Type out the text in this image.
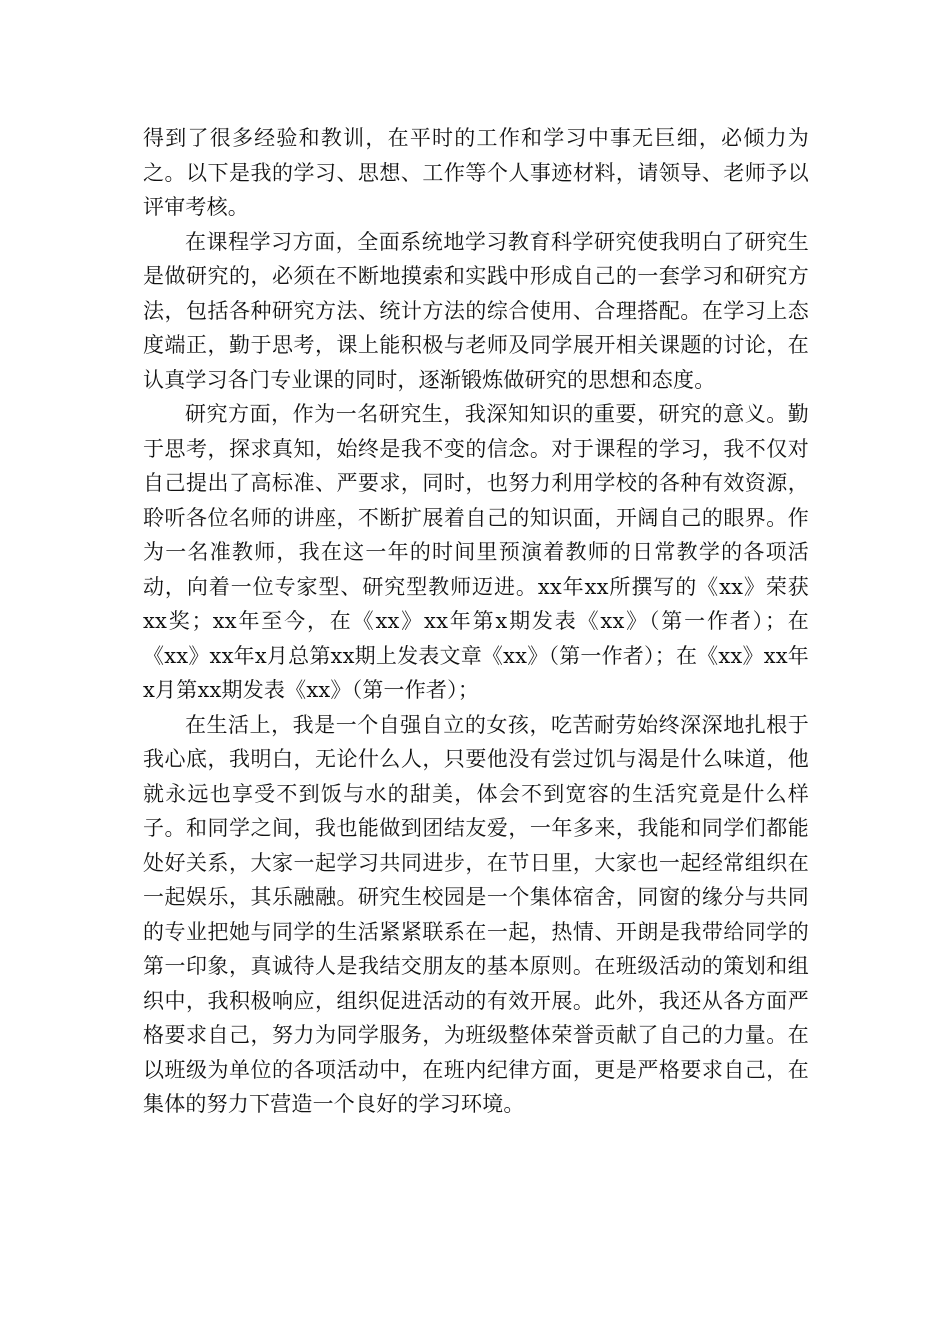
得到了很多经验和教训，在平时的工作和学习中事无巨细，必倾力为之。以下是我的学习、思想、工作等个人事迹材料，请领导、老师予以评审考核。

在课程学习方面，全面系统地学习教育科学研究使我明白了研究生是做研究的，必须在不断地摸索和实践中形成自己的一套学习和研究方法，包括各种研究方法、统计方法的综合使用、合理搭配。在学习上态度端正，勤于思考，课上能积极与老师及同学展开相关课题的讨论，在认真学习各门专业课的同时，逐渐锻炼做研究的思想和态度。

研究方面，作为一名研究生，我深知知识的重要，研究的意义。勤于思考，探求真知，始终是我不变的信念。对于课程的学习，我不仅对自己提出了高标准、严要求，同时，也努力利用学校的各种有效资源，聆听各位名师的讲座，不断扩展着自己的知识面，开阔自己的眼界。作为一名准教师，我在这一年的时间里预演着教师的日常教学的各项活动，向着一位专家型、研究型教师迈进。xx年xx所撰写的《xx》荣获xx奖；xx年至今，在《xx》xx年第x期发表《xx》（第一作者）；在《xx》xx年x月总第xx期上发表文章《xx》（第一作者）；在《xx》xx年x月第xx期发表《xx》（第一作者）；

在生活上，我是一个自强自立的女孩，吃苦耐劳始终深深地扎根于我心底，我明白，无论什么人，只要他没有尝过饥与渴是什么味道，他就永远也享受不到饭与水的甜美，体会不到宽容的生活究竟是什么样子。和同学之间，我也能做到团结友爱，一年多来，我能和同学们都能处好关系，大家一起学习共同进步，在节日里，大家也一起经常组织在一起娱乐，其乐融融。研究生校园是一个集体宿舍，同窗的缘分与共同的专业把她与同学的生活紧紧联系在一起，热情、开朗是我带给同学的第一印象，真诚待人是我结交朋友的基本原则。在班级活动的策划和组织中，我积极响应，组织促进活动的有效开展。此外，我还从各方面严格要求自己，努力为同学服务，为班级整体荣誉贡献了自己的力量。在以班级为单位的各项活动中，在班内纪律方面，更是严格要求自己，在集体的努力下营造一个良好的学习环境。
